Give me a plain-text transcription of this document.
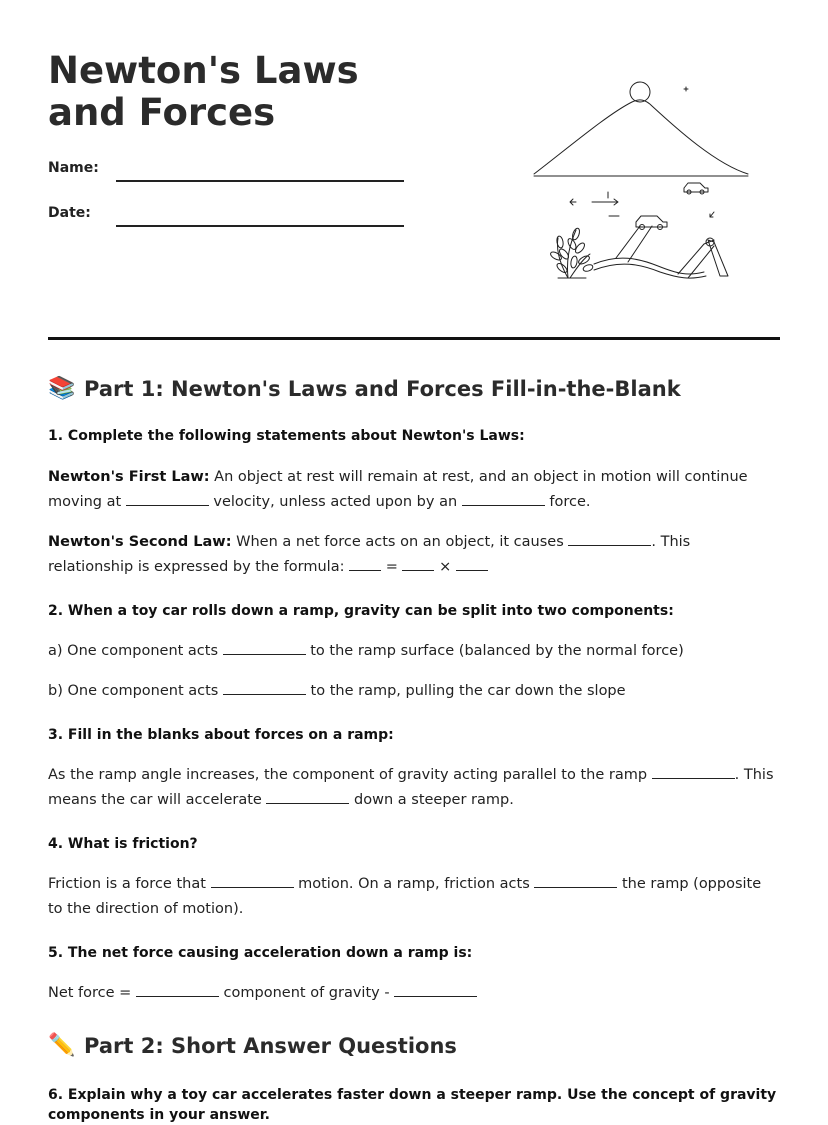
Newton's Laws and Forces
Name:
Date:
📚 Part 1: Newton's Laws and Forces Fill-in-the-Blank

1. Complete the following statements about Newton's Laws:

Newton's First Law: An object at rest will remain at rest, and an object in motion will continue moving at	velocity, unless acted upon by an	force.

Newton's Second Law: When a net force acts on an object, it causes	. This relationship is expressed by the formula:  =  ×

2. When a toy car rolls down a ramp, gravity can be split into two components:

a) One component acts	to the ramp surface (balanced by the normal force)

b) One component acts	to the ramp, pulling the car down the slope

3. Fill in the blanks about forces on a ramp:

As the ramp angle increases, the component of gravity acting parallel to the ramp	. This means the car will accelerate	down a steeper ramp.

4. What is friction?

Friction is a force that	motion. On a ramp, friction acts	the ramp (opposite to the direction of motion).

5. The net force causing acceleration down a ramp is:

Net force =	component of gravity -

✏️ Part 2: Short Answer Questions

6. Explain why a toy car accelerates faster down a steeper ramp. Use the concept of gravity components in your answer.
